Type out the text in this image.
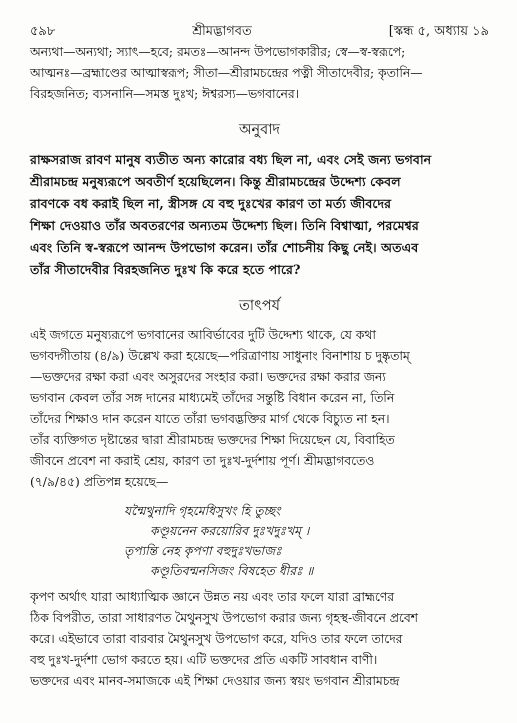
৫৯৮	শ্রীমদ্ভাগবত	[স্কন্ধ ৫, অধ্যায় ১৯
অন্যথা—অন্যথা; স্যাৎ—হবে; রমতঃ—আনন্দ উপভোগকারীর; স্বে—স্ব-স্বরূপে;
আত্মনঃ—ব্রহ্মাণ্ডের আত্মাস্বরূপ; সীতা—শ্রীরামচন্দ্রের পত্নী সীতাদেবীর; কৃতানি—
বিরহজনিত; ব্যসনানি—সমস্ত দুঃখ; ঈশ্বরস্য—ভগবানের।
অনুবাদ
রাক্ষসরাজ রাবণ মানুষ ব্যতীত অন্য কারোর বধ্য ছিল না, এবং সেই জন্য ভগবান
শ্রীরামচন্দ্র মনুষ্যরূপে অবতীর্ণ হয়েছিলেন। কিন্তু শ্রীরামচন্দ্রের উদ্দেশ্য কেবল
রাবণকে বধ করাই ছিল না, স্ত্রীসঙ্গ যে বহু দুঃখের কারণ তা মর্ত্য জীবদের
শিক্ষা দেওয়াও তাঁর অবতরণের অন্যতম উদ্দেশ্য ছিল। তিনি বিশ্বাত্মা, পরমেশ্বর
এবং তিনি স্ব-স্বরূপে আনন্দ উপভোগ করেন। তাঁর শোচনীয় কিছু নেই। অতএব
তাঁর সীতাদেবীর বিরহজনিত দুঃখ কি করে হতে পারে?
তাৎপর্য
এই জগতে মনুষ্যরূপে ভগবানের আবির্ভাবের দুটি উদ্দেশ্য থাকে, যে কথা
ভগবদ্গীতায় (৪/৯) উল্লেখ করা হয়েছে—পরিত্রাণায় সাধুনাং বিনাশায় চ দুষ্কৃতাম্
—ভক্তদের রক্ষা করা এবং অসুরদের সংহার করা। ভক্তদের রক্ষা করার জন্য
ভগবান কেবল তাঁর সঙ্গ দানের মাধ্যমেই তাঁদের সন্তুষ্টি বিধান করেন না, তিনি
তাঁদের শিক্ষাও দান করেন যাতে তাঁরা ভগবদ্ভক্তির মার্গ থেকে বিচ্যুত না হন।
তাঁর ব্যক্তিগত দৃষ্টান্তের দ্বারা শ্রীরামচন্দ্র ভক্তদের শিক্ষা দিয়েছেন যে, বিবাহিত
জীবনে প্রবেশ না করাই শ্রেয়, কারণ তা দুঃখ-দুর্দশায় পূর্ণ। শ্রীমদ্ভাগবতেও
(৭/৯/৪৫) প্রতিপন্ন হয়েছে—
যন্মৈথুনাদি গৃহমেধিসুখং হি তুচ্ছং
কণ্ডূয়নেন করয়োরিব দুঃখদুঃখম্ ।
তৃপ্যন্তি নেহ কৃপণা বহুদুঃখভাজঃ
কণ্ডূতিবন্মনসিজং বিষহেত ধীরঃ ॥
কৃপণ অর্থাৎ যারা আধ্যাত্মিক জ্ঞানে উন্নত নয় এবং তার ফলে যারা ব্রাহ্মণের
ঠিক বিপরীত, তারা সাধারণত মৈথুনসুখ উপভোগ করার জন্য গৃহস্থ-জীবনে প্রবেশ
করে। এইভাবে তারা বারবার মৈথুনসুখ উপভোগ করে, যদিও তার ফলে তাদের
বহু দুঃখ-দুর্দশা ভোগ করতে হয়। এটি ভক্তদের প্রতি একটি সাবধান বাণী।
ভক্তদের এবং মানব-সমাজকে এই শিক্ষা দেওয়ার জন্য স্বয়ং ভগবান শ্রীরামচন্দ্র
